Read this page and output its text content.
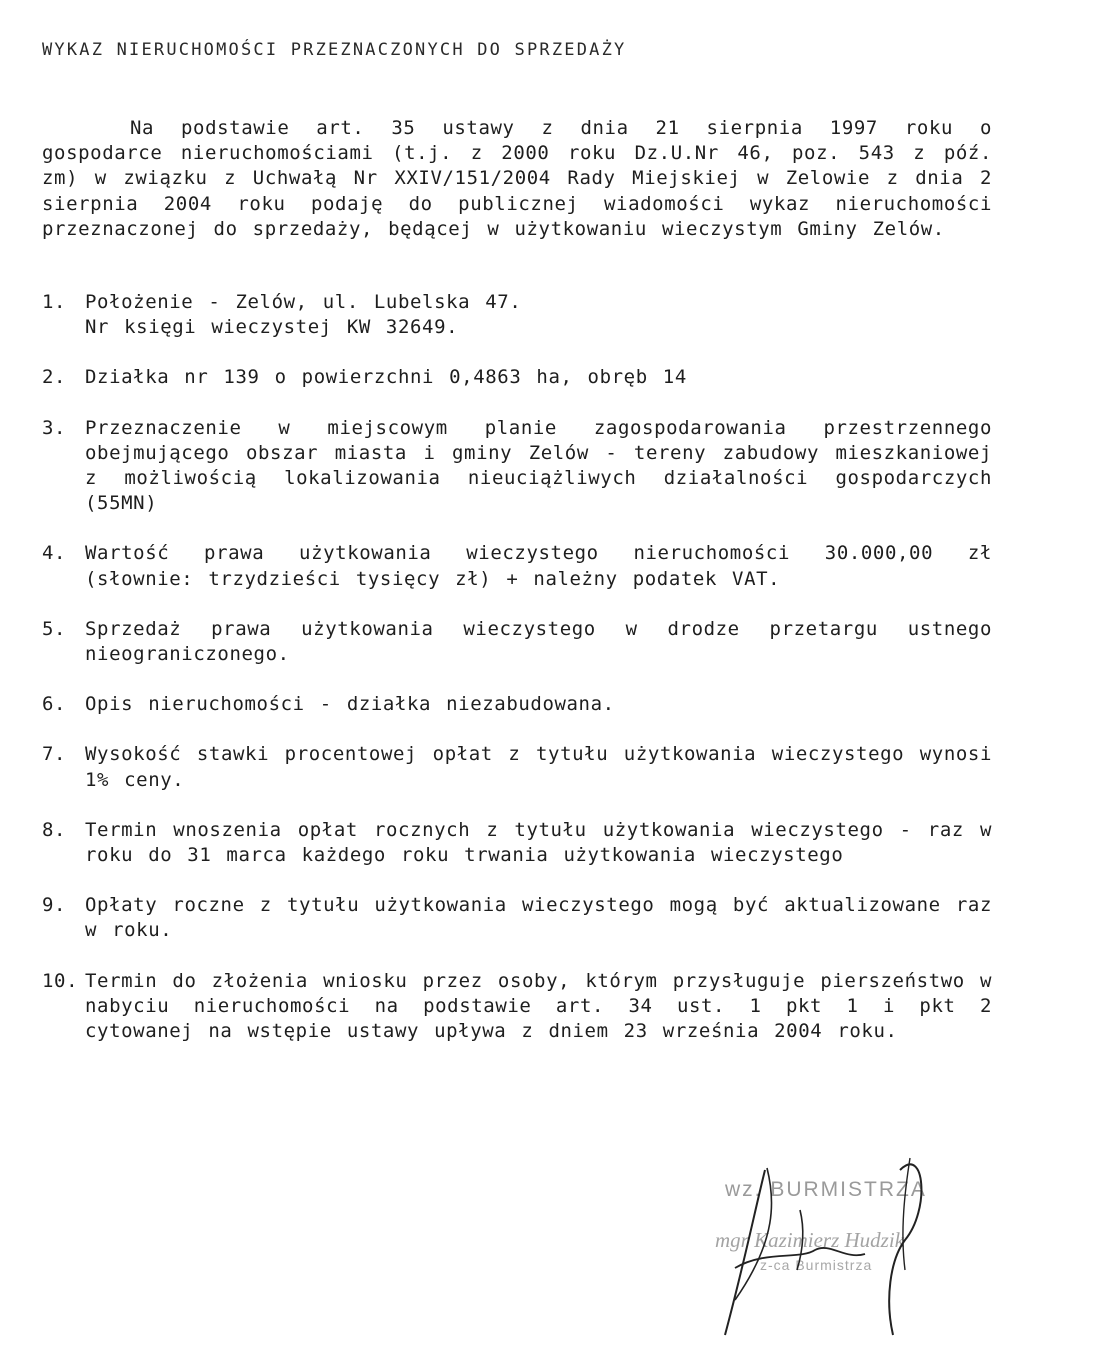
WYKAZ NIERUCHOMOŚCI PRZEZNACZONYCH DO SPRZEDAŻY

Na podstawie art. 35 ustawy z dnia 21 sierpnia 1997 roku o gospodarce nieruchomościami (t.j. z 2000 roku Dz.U.Nr 46, poz. 543 z póź. zm) w związku z Uchwałą Nr XXIV/151/2004 Rady Miejskiej w Zelowie z dnia 2 sierpnia 2004 roku podaję do publicznej wiadomości wykaz nieruchomości przeznaczonej do sprzedaży, będącej w użytkowaniu wieczystym Gminy Zelów.

1. Położenie - Zelów, ul. Lubelska 47.
Nr księgi wieczystej KW 32649.
2. Działka nr 139 o powierzchni 0,4863 ha, obręb 14
3. Przeznaczenie w miejscowym planie zagospodarowania przestrzennego obejmującego obszar miasta i gminy Zelów - tereny zabudowy mieszkaniowej z możliwością lokalizowania nieuciążliwych działalności gospodarczych (55MN)
4. Wartość prawa użytkowania wieczystego nieruchomości 30.000,00 zł (słownie: trzydzieści tysięcy zł) + należny podatek VAT.
5. Sprzedaż prawa użytkowania wieczystego w drodze przetargu ustnego nieograniczonego.
6. Opis nieruchomości - działka niezabudowana.
7. Wysokość stawki procentowej opłat z tytułu użytkowania wieczystego wynosi 1% ceny.
8. Termin wnoszenia opłat rocznych z tytułu użytkowania wieczystego - raz w roku do 31 marca każdego roku trwania użytkowania wieczystego
9. Opłaty roczne z tytułu użytkowania wieczystego mogą być aktualizowane raz w roku.
10. Termin do złożenia wniosku przez osoby, którym przysługuje pierszeństwo w nabyciu nieruchomości na podstawie art. 34 ust. 1 pkt 1 i pkt 2 cytowanej na wstępie ustawy upływa z dniem 23 września 2004 roku.
wz. BURMISTRZA
mgr Kazimierz Hudzik
z-ca Burmistrza
